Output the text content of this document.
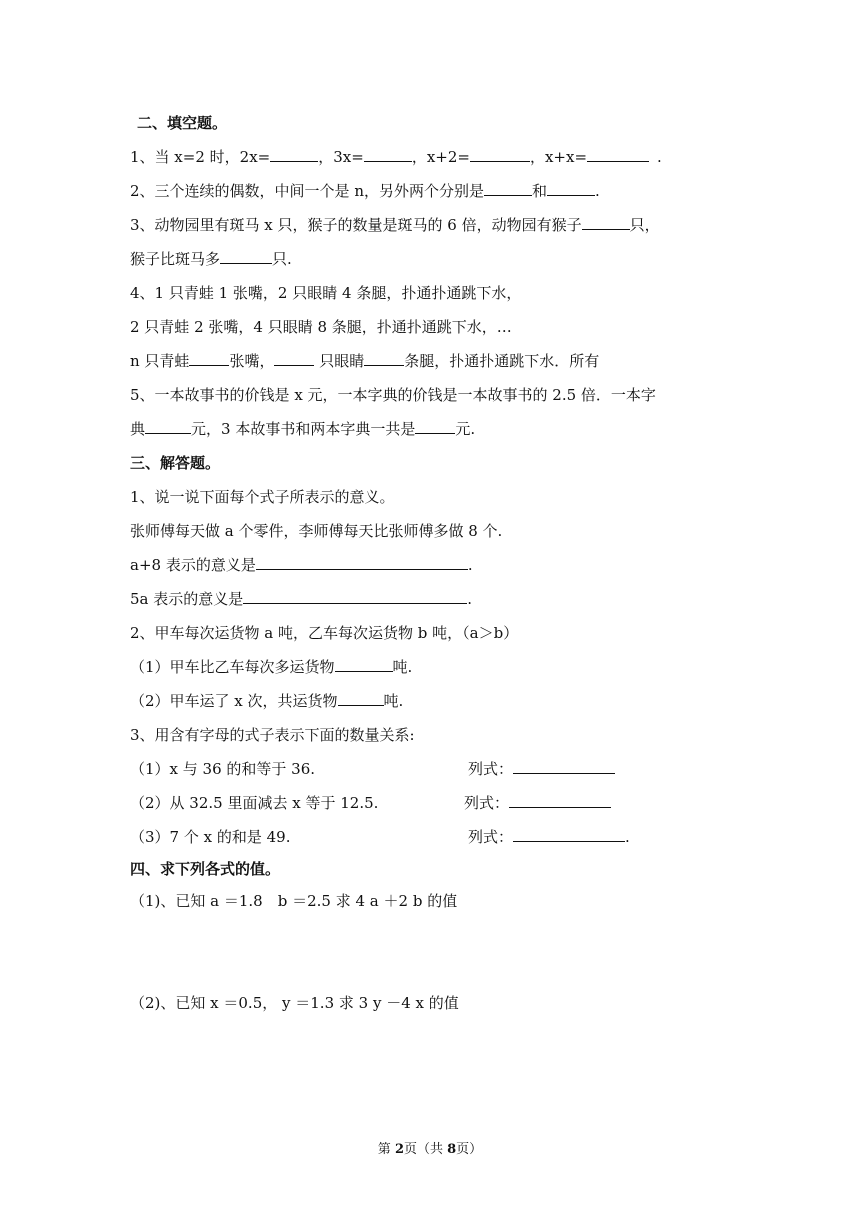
二、填空题。
1、当 x=2 时，2x=	，3x=	，x+2=	，x+x=	.
2、三个连续的偶数，中间一个是 n，另外两个分别是	和	.
3、动物园里有斑马 x 只，猴子的数量是斑马的 6 倍，动物园有猴子	只，
猴子比斑马多	只.
4、1 只青蛙 1 张嘴，2 只眼睛 4 条腿，扑通扑通跳下水，
2 只青蛙 2 张嘴，4 只眼睛 8 条腿，扑通扑通跳下水，…
n 只青蛙	张嘴，	只眼睛	条腿，扑通扑通跳下水．所有
5、一本故事书的价钱是 x 元，一本字典的价钱是一本故事书的 2.5 倍．一本字
典	元，3 本故事书和两本字典一共是	元.
三、解答题。
1、说一说下面每个式子所表示的意义。
张师傅每天做 a 个零件，李师傅每天比张师傅多做 8 个.
a+8 表示的意义是	.
5a 表示的意义是	.
2、甲车每次运货物 a 吨，乙车每次运货物 b 吨，（a＞b）
（1）甲车比乙车每次多运货物	吨.
（2）甲车运了 x 次，共运货物	吨.
3、用含有字母的式子表示下面的数量关系:
（1）x 与 36 的和等于 36.	列式：
（2）从 32.5 里面减去 x 等于 12.5.	列式：
（3）7 个 x 的和是 49.	列式：	.
四、求下列各式的值。
（1)、已知 a ＝1.8　b ＝2.5 求 4 a ＋2 b 的值
（2)、已知 x ＝0.5， y ＝1.3 求 3 y －4 x 的值
第 2页（共 8页）
